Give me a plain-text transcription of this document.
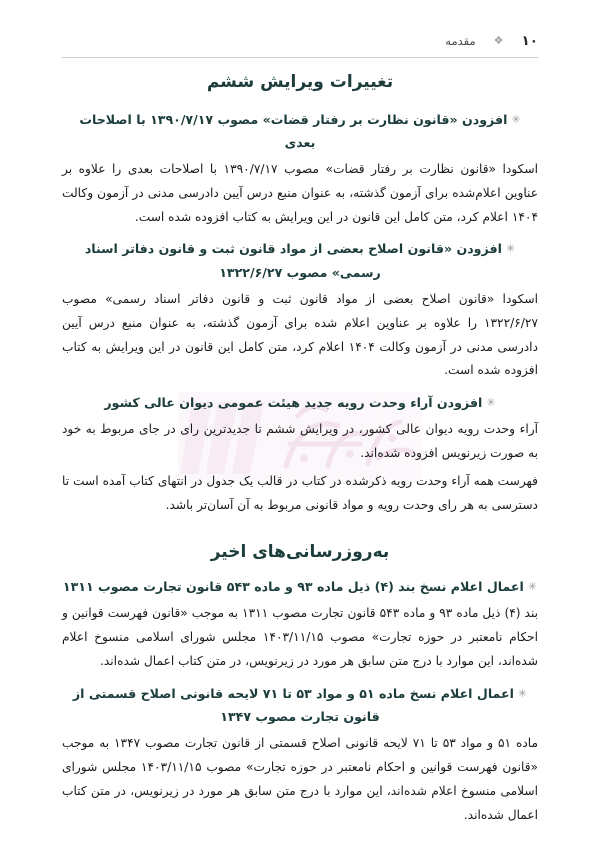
۱۰
❖
مقدمه
تغییرات ویرایش ششم
✳افزودن «قانون نظارت بر رفتار قضات» مصوب ۱۳۹۰/۷/۱۷ با اصلاحات بعدی

اسکودا «قانون نظارت بر رفتار قضات» مصوب ۱۳۹۰/۷/۱۷ با اصلاحات بعدی را علاوه بر عناوین اعلام‌شده برای آزمون گذشته، به عنوان منبع درس آیین دادرسی مدنی در آزمون وکالت ۱۴۰۴ اعلام کرد، متن کامل این قانون در این ویرایش به کتاب افزوده شده است.

✳افزودن «قانون اصلاح بعضی از مواد قانون ثبت و قانون دفاتر اسناد رسمی» مصوب ۱۳۲۲/۶/۲۷

اسکودا «قانون اصلاح بعضی از مواد قانون ثبت و قانون دفاتر اسناد رسمی» مصوب ۱۳۲۲/۶/۲۷ را علاوه بر عناوین اعلام شده برای آزمون گذشته، به عنوان منبع درس آیین دادرسی مدنی در آزمون وکالت ۱۴۰۴ اعلام کرد، متن کامل این قانون در این ویرایش به کتاب افزوده شده است.

✳افزودن آراء وحدت رویه جدید هیئت عمومی دیوان عالی کشور

آراء وحدت رویه دیوان عالی کشور، در ویرایش ششم تا جدیدترین رای در جای مربوط به خود به صورت زیرنویس افزوده شده‌اند.

فهرست همه آراء وحدت رویه ذکرشده در کتاب در قالب یک جدول در انتهای کتاب آمده است تا دسترسی به هر رای وحدت رویه و مواد قانونی مربوط به آن آسان‌تر باشد.

به‌روزرسانی‌های اخیر
✳اعمال اعلام نسخ بند (۴) ذیل ماده ۹۳ و ماده ۵۴۳ قانون تجارت مصوب ۱۳۱۱

بند (۴) ذیل ماده ۹۳ و ماده ۵۴۳ قانون تجارت مصوب ۱۳۱۱ به موجب «قانون فهرست قوانین و احکام نامعتبر در حوزه تجارت» مصوب ۱۴۰۳/۱۱/۱۵ مجلس شورای اسلامی منسوخ اعلام شده‌اند، این موارد با درج متن سابق هر مورد در زیرنویس، در متن کتاب اعمال شده‌اند.

✳اعمال اعلام نسخ ماده ۵۱ و مواد ۵۳ تا ۷۱ لایحه قانونی اصلاح قسمتی از قانون تجارت مصوب ۱۳۴۷

ماده ۵۱ و مواد ۵۳ تا ۷۱ لایحه قانونی اصلاح قسمتی از قانون تجارت مصوب ۱۳۴۷ به موجب «قانون فهرست قوانین و احکام نامعتبر در حوزه تجارت» مصوب ۱۴۰۳/۱۱/۱۵ مجلس شورای اسلامی منسوخ اعلام شده‌اند، این موارد با درج متن سابق هر مورد در زیرنویس، در متن کتاب اعمال شده‌اند.
